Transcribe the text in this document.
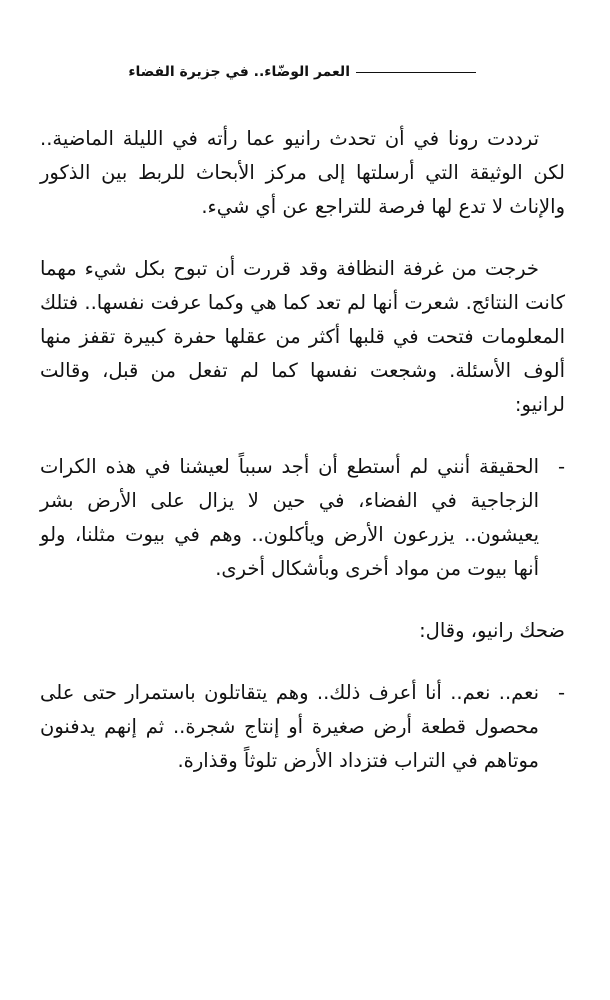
العمر الوضّاء.. في جزيرة الفضاء

ترددت رونا في أن تحدث رانيو عما رأته في الليلة الماضية.. لكن الوثيقة التي أرسلتها إلى مركز الأبحاث للربط بين الذكور والإناث لا تدع لها فرصة للتراجع عن أي شيء.

خرجت من غرفة النظافة وقد قررت أن تبوح بكل شيء مهما كانت النتائج. شعرت أنها لم تعد كما هي وكما عرفت نفسها.. فتلك المعلومات فتحت في قلبها أكثر من عقلها حفرة كبيرة تقفز منها ألوف الأسئلة. وشجعت نفسها كما لم تفعل من قبل، وقالت لرانيو:

-
الحقيقة أنني لم أستطع أن أجد سبباً لعيشنا في هذه الكرات الزجاجية في الفضاء، في حين لا يزال على الأرض بشر يعيشون.. يزرعون الأرض ويأكلون.. وهم في بيوت مثلنا، ولو أنها بيوت من مواد أخرى وبأشكال أخرى.

ضحك رانيو، وقال:

-
نعم.. نعم.. أنا أعرف ذلك.. وهم يتقاتلون باستمرار حتى على محصول قطعة أرض صغيرة أو إنتاج شجرة.. ثم إنهم يدفنون موتاهم في التراب فتزداد الأرض تلوثاً وقذارة.
